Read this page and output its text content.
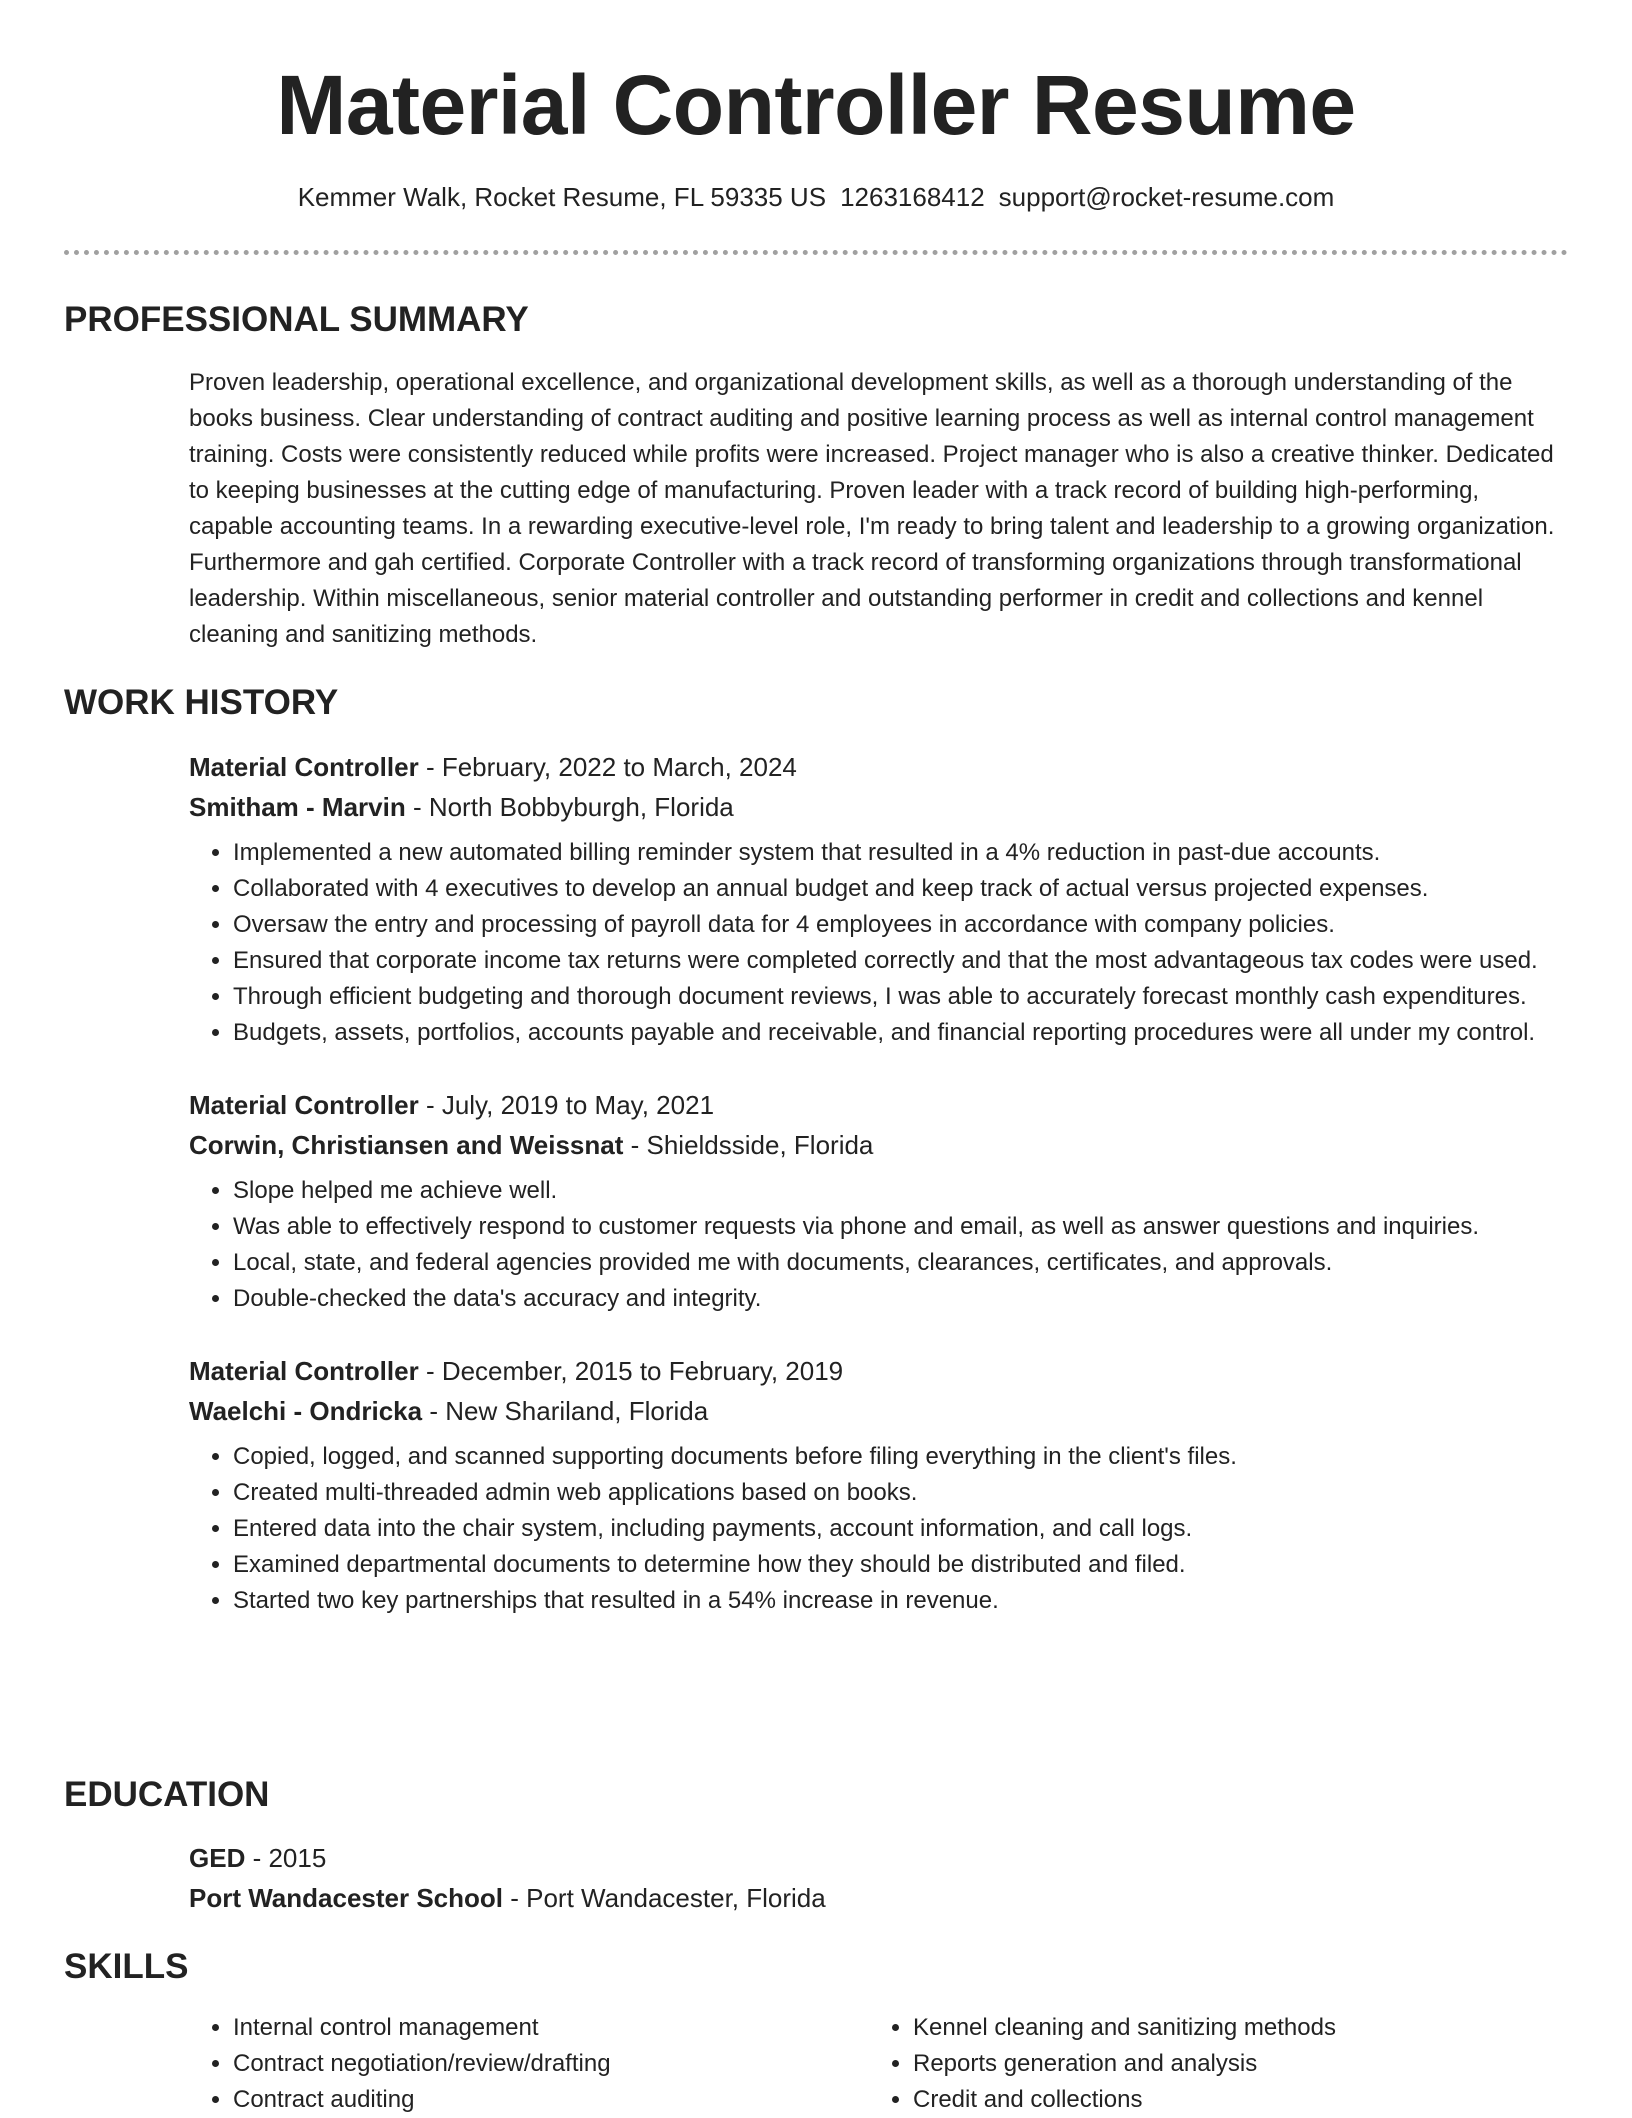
Material Controller Resume
Kemmer Walk, Rocket Resume, FL 59335 US 1263168412 support@rocket-resume.com
PROFESSIONAL SUMMARY

Proven leadership, operational excellence, and organizational development skills, as well as a thorough understanding of the books business. Clear understanding of contract auditing and positive learning process as well as internal control management training. Costs were consistently reduced while profits were increased. Project manager who is also a creative thinker. Dedicated to keeping businesses at the cutting edge of manufacturing. Proven leader with a track record of building high-performing, capable accounting teams. In a rewarding executive-level role, I'm ready to bring talent and leadership to a growing organization. Furthermore and gah certified. Corporate Controller with a track record of transforming organizations through transformational leadership. Within miscellaneous, senior material controller and outstanding performer in credit and collections and kennel cleaning and sanitizing methods.

WORK HISTORY
Material Controller - February, 2022 to March, 2024
Smitham - Marvin - North Bobbyburgh, Florida
• Implemented a new automated billing reminder system that resulted in a 4% reduction in past-due accounts.
• Collaborated with 4 executives to develop an annual budget and keep track of actual versus projected expenses.
• Oversaw the entry and processing of payroll data for 4 employees in accordance with company policies.
• Ensured that corporate income tax returns were completed correctly and that the most advantageous tax codes were used.
• Through efficient budgeting and thorough document reviews, I was able to accurately forecast monthly cash expenditures.
• Budgets, assets, portfolios, accounts payable and receivable, and financial reporting procedures were all under my control.
Material Controller - July, 2019 to May, 2021
Corwin, Christiansen and Weissnat - Shieldsside, Florida
• Slope helped me achieve well.
• Was able to effectively respond to customer requests via phone and email, as well as answer questions and inquiries.
• Local, state, and federal agencies provided me with documents, clearances, certificates, and approvals.
• Double-checked the data's accuracy and integrity.
Material Controller - December, 2015 to February, 2019
Waelchi - Ondricka - New Shariland, Florida
• Copied, logged, and scanned supporting documents before filing everything in the client's files.
• Created multi-threaded admin web applications based on books.
• Entered data into the chair system, including payments, account information, and call logs.
• Examined departmental documents to determine how they should be distributed and filed.
• Started two key partnerships that resulted in a 54% increase in revenue.
EDUCATION
GED - 2015
Port Wandacester School - Port Wandacester, Florida
SKILLS
• Internal control management
• Contract negotiation/review/drafting
• Contract auditing
• Kennel cleaning and sanitizing methods
• Reports generation and analysis
• Credit and collections
